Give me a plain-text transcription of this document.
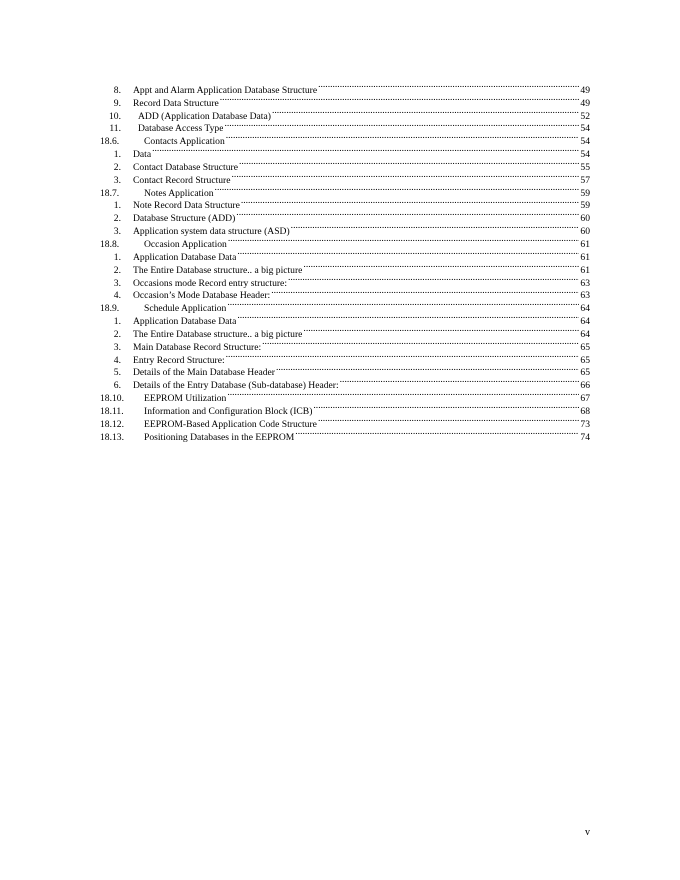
8.	Appt and Alarm Application Database Structure .....	49
9.	Record Data Structure .....	49
10.	ADD (Application Database Data) .....	52
11.	Database Access Type .....	54
18.6.	Contacts Application .....	54
1.	Data .....	54
2.	Contact Database Structure .....	55
3.	Contact Record Structure .....	57
18.7.	Notes Application .....	59
1.	Note Record Data Structure .....	59
2.	Database Structure (ADD) .....	60
3.	Application system data structure (ASD) .....	60
18.8.	Occasion Application .....	61
1.	Application Database Data .....	61
2.	The Entire Database structure.. a big picture .....	61
3.	Occasions mode Record entry structure: .....	63
4.	Occasion’s Mode Database Header: .....	63
18.9.	Schedule Application .....	64
1.	Application Database Data .....	64
2.	The Entire Database structure.. a big picture .....	64
3.	Main Database Record Structure: .....	65
4.	Entry Record Structure: .....	65
5.	Details of the Main Database Header .....	65
6.	Details of the Entry Database (Sub-database) Header: .....	66
18.10.	EEPROM Utilization .....	67
18.11.	Information and Configuration Block (ICB) .....	68
18.12.	EEPROM-Based Application Code Structure .....	73
18.13.	Positioning Databases in the EEPROM .....	74
v
